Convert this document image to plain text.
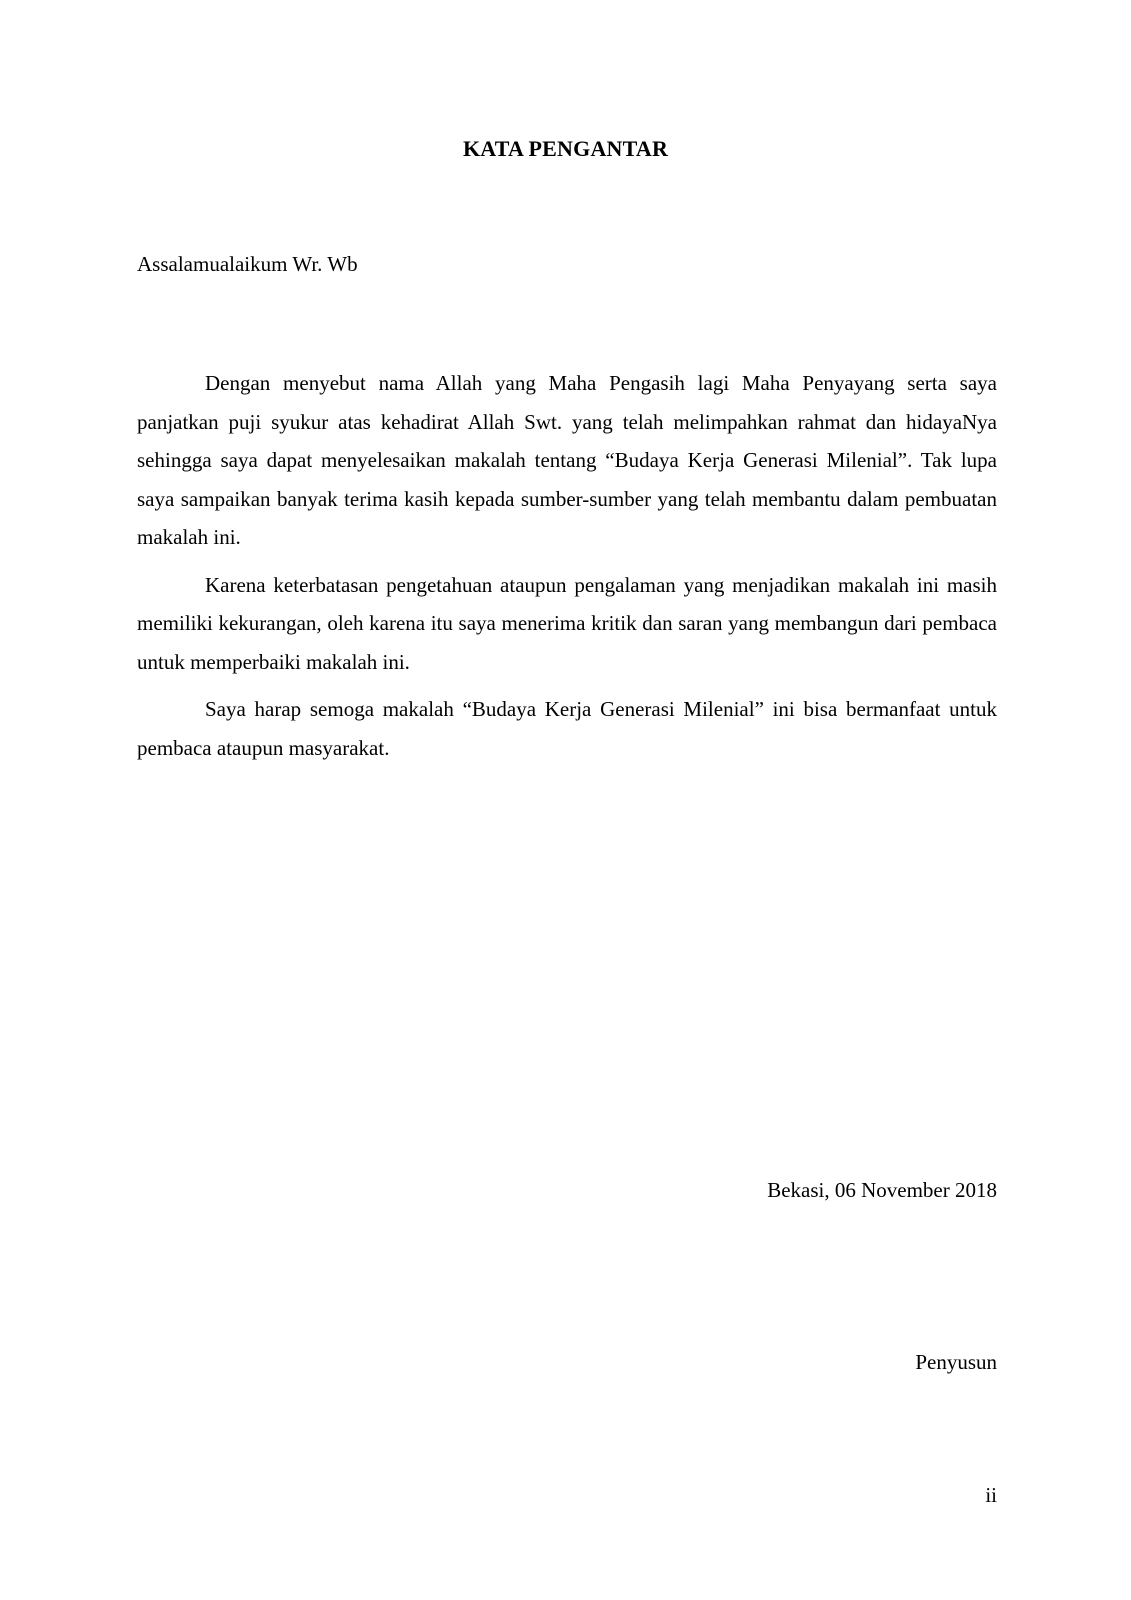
KATA PENGANTAR
Assalamualaikum Wr. Wb

Dengan menyebut nama Allah yang Maha Pengasih lagi Maha Penyayang serta saya panjatkan puji syukur atas kehadirat Allah Swt. yang telah melimpahkan rahmat dan hidayaNya sehingga saya dapat menyelesaikan makalah tentang “Budaya Kerja Generasi Milenial”. Tak lupa saya sampaikan banyak terima kasih kepada sumber-sumber yang telah membantu dalam pembuatan makalah ini.

Karena keterbatasan pengetahuan ataupun pengalaman yang menjadikan makalah ini masih memiliki kekurangan, oleh karena itu saya menerima kritik dan saran yang membangun dari pembaca untuk memperbaiki makalah ini.

Saya harap semoga makalah “Budaya Kerja Generasi Milenial” ini bisa bermanfaat untuk pembaca ataupun masyarakat.

Bekasi, 06 November 2018
Penyusun
ii
